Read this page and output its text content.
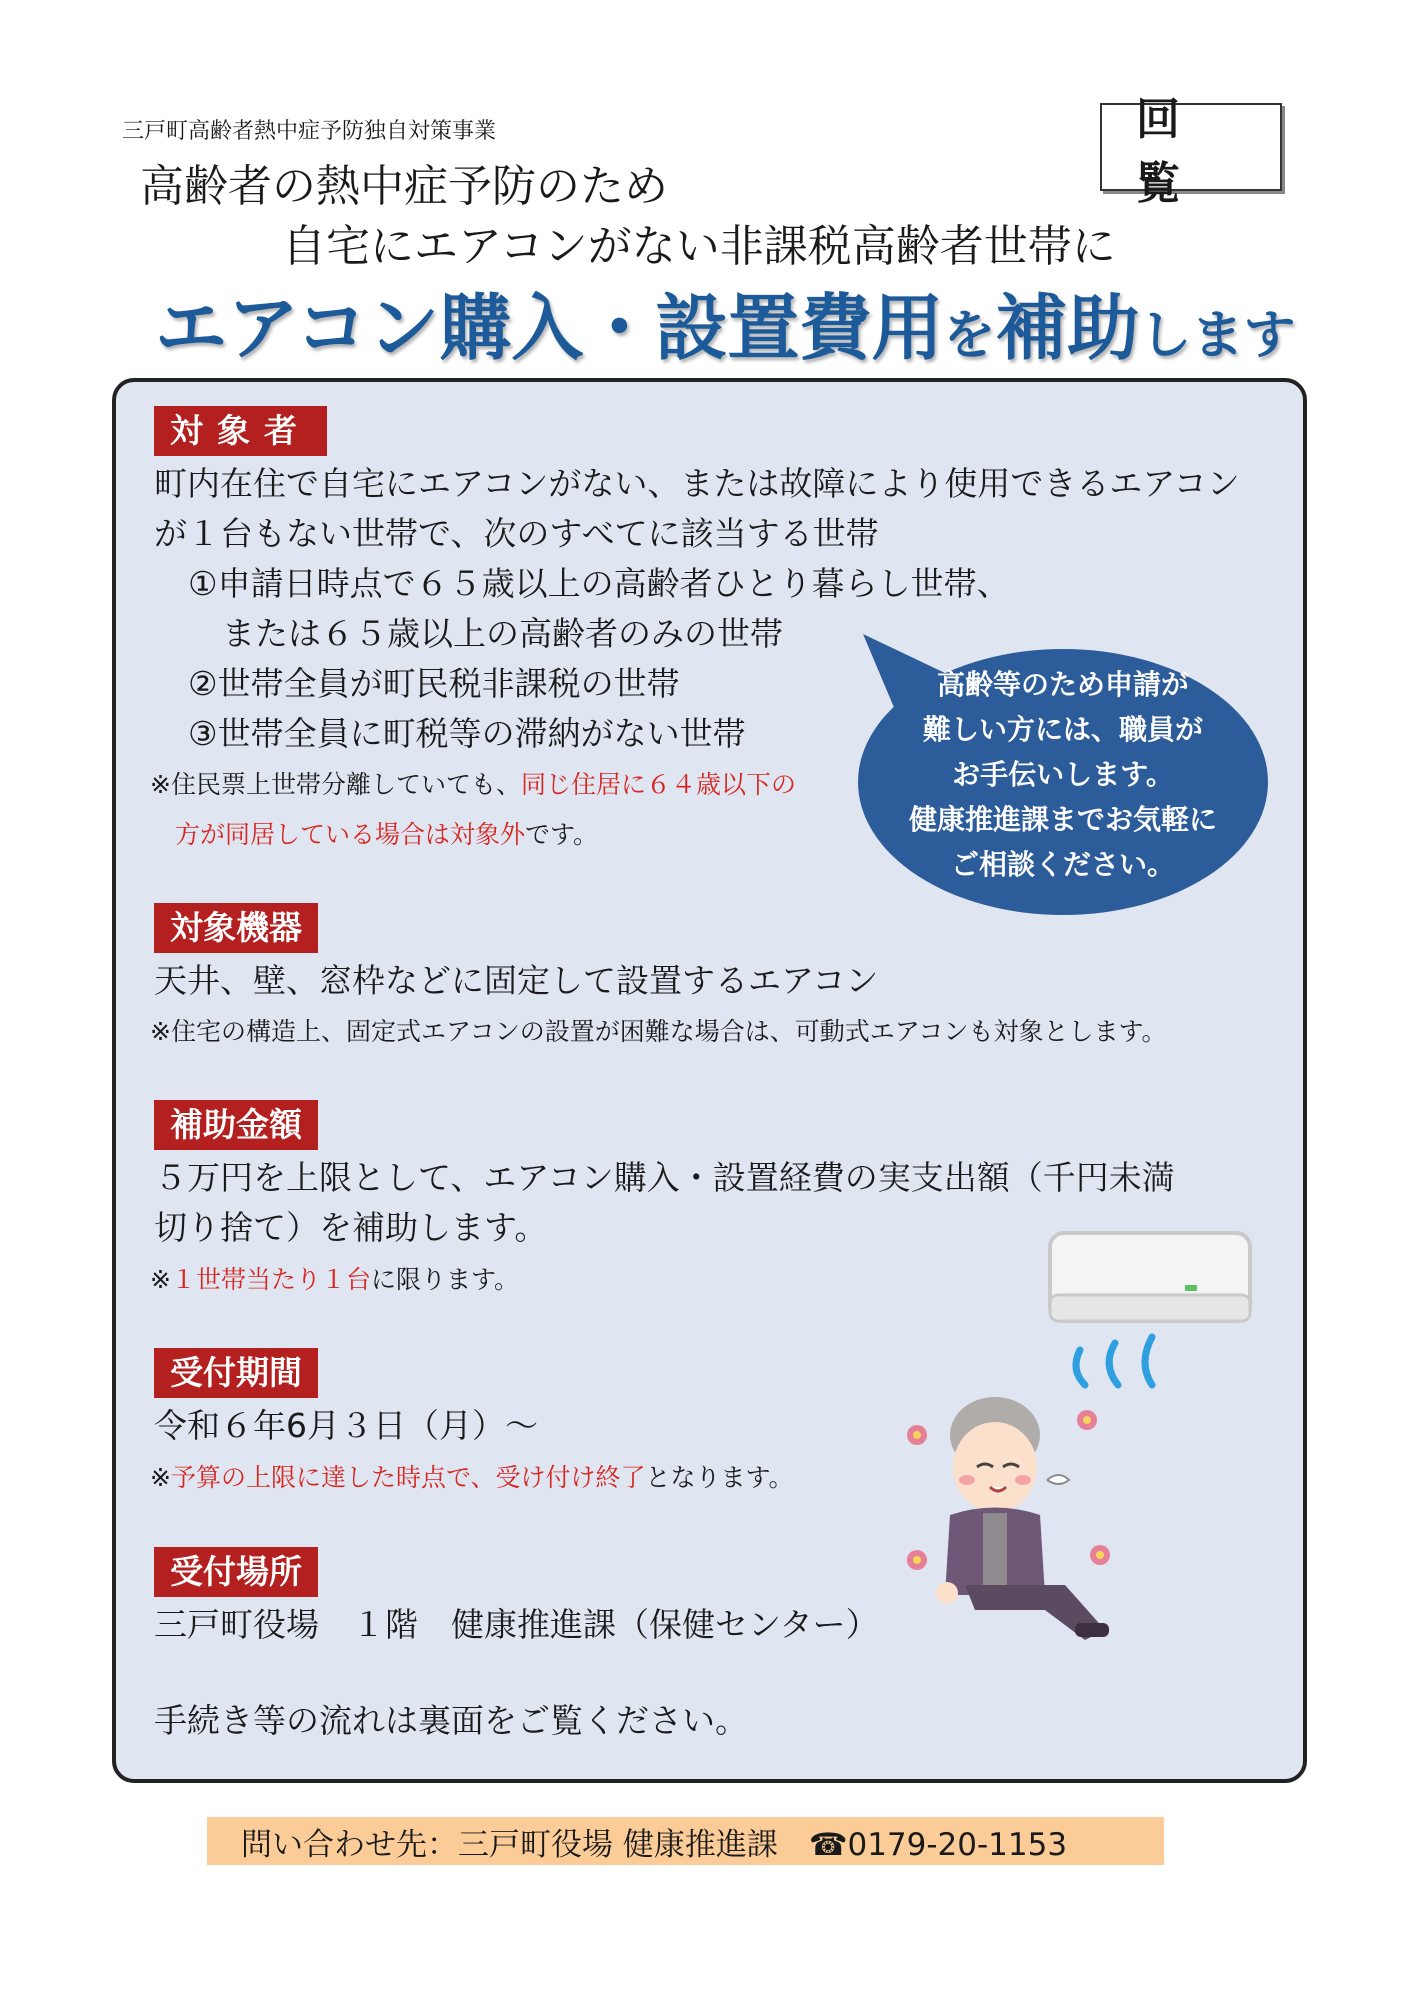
三戸町高齢者熱中症予防独自対策事業	回覧
高齢者の熱中症予防のため
自宅にエアコンがない非課税高齢者世帯に
エアコン購入・設置費用を補助します
対象者
町内在住で自宅にエアコンがない、または故障により使用できるエアコン
が１台もない世帯で、次のすべてに該当する世帯
①申請日時点で６５歳以上の高齢者ひとり暮らし世帯、
または６５歳以上の高齢者のみの世帯
②世帯全員が町民税非課税の世帯
③世帯全員に町税等の滞納がない世帯
※住民票上世帯分離していても、同じ住居に６４歳以下の
方が同居している場合は対象外です。
高齢等のため申請が
難しい方には、職員が
お手伝いします。
健康推進課までお気軽に
ご相談ください。
対象機器
天井、壁、窓枠などに固定して設置するエアコン
※住宅の構造上、固定式エアコンの設置が困難な場合は、可動式エアコンも対象とします。
補助金額
５万円を上限として、エアコン購入・設置経費の実支出額（千円未満
切り捨て）を補助します。
※１世帯当たり１台に限ります。
受付期間
令和６年6月３日（月）～
※予算の上限に達した時点で、受け付け終了となります。
受付場所
三戸町役場　１階　健康推進課（保健センター）
手続き等の流れは裏面をご覧ください。
問い合わせ先：三戸町役場 健康推進課　☎0179-20-1153
